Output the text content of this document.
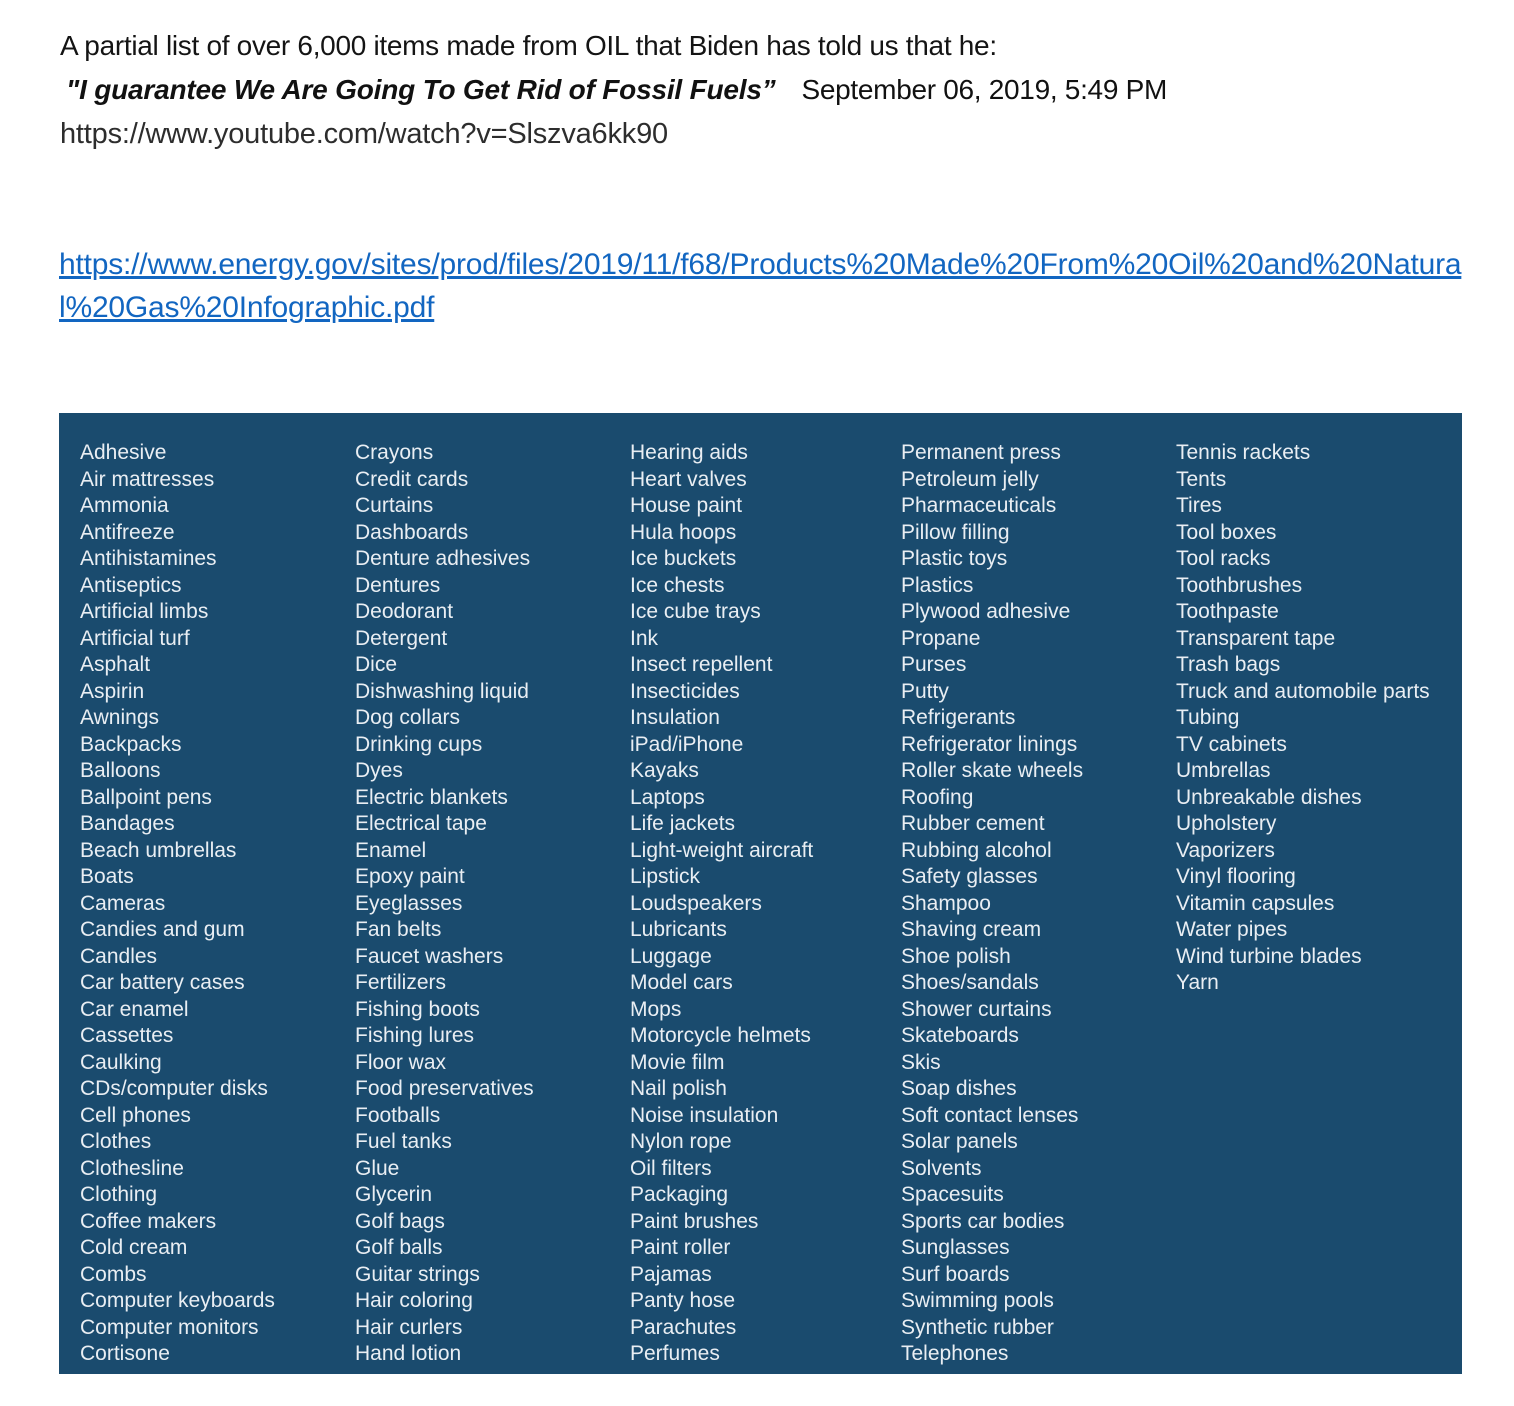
A partial list of over 6,000 items made from OIL that Biden has told us that he:
"I guarantee We Are Going To Get Rid of Fossil Fuels” September 06, 2019, 5:49 PM
https://www.youtube.com/watch?v=Slszva6kk90
https://www.energy.gov/sites/prod/files/2019/11/f68/Products%20Made%20From%20Oil%20and%20Natural%20Gas%20Infographic.pdf
Adhesive
Air mattresses
Ammonia
Antifreeze
Antihistamines
Antiseptics
Artificial limbs
Artificial turf
Asphalt
Aspirin
Awnings
Backpacks
Balloons
Ballpoint pens
Bandages
Beach umbrellas
Boats
Cameras
Candies and gum
Candles
Car battery cases
Car enamel
Cassettes
Caulking
CDs/computer disks
Cell phones
Clothes
Clothesline
Clothing
Coffee makers
Cold cream
Combs
Computer keyboards
Computer monitors
Cortisone
Crayons
Credit cards
Curtains
Dashboards
Denture adhesives
Dentures
Deodorant
Detergent
Dice
Dishwashing liquid
Dog collars
Drinking cups
Dyes
Electric blankets
Electrical tape
Enamel
Epoxy paint
Eyeglasses
Fan belts
Faucet washers
Fertilizers
Fishing boots
Fishing lures
Floor wax
Food preservatives
Footballs
Fuel tanks
Glue
Glycerin
Golf bags
Golf balls
Guitar strings
Hair coloring
Hair curlers
Hand lotion
Hearing aids
Heart valves
House paint
Hula hoops
Ice buckets
Ice chests
Ice cube trays
Ink
Insect repellent
Insecticides
Insulation
iPad/iPhone
Kayaks
Laptops
Life jackets
Light-weight aircraft
Lipstick
Loudspeakers
Lubricants
Luggage
Model cars
Mops
Motorcycle helmets
Movie film
Nail polish
Noise insulation
Nylon rope
Oil filters
Packaging
Paint brushes
Paint roller
Pajamas
Panty hose
Parachutes
Perfumes
Permanent press
Petroleum jelly
Pharmaceuticals
Pillow filling
Plastic toys
Plastics
Plywood adhesive
Propane
Purses
Putty
Refrigerants
Refrigerator linings
Roller skate wheels
Roofing
Rubber cement
Rubbing alcohol
Safety glasses
Shampoo
Shaving cream
Shoe polish
Shoes/sandals
Shower curtains
Skateboards
Skis
Soap dishes
Soft contact lenses
Solar panels
Solvents
Spacesuits
Sports car bodies
Sunglasses
Surf boards
Swimming pools
Synthetic rubber
Telephones
Tennis rackets
Tents
Tires
Tool boxes
Tool racks
Toothbrushes
Toothpaste
Transparent tape
Trash bags
Truck and automobile parts
Tubing
TV cabinets
Umbrellas
Unbreakable dishes
Upholstery
Vaporizers
Vinyl flooring
Vitamin capsules
Water pipes
Wind turbine blades
Yarn
